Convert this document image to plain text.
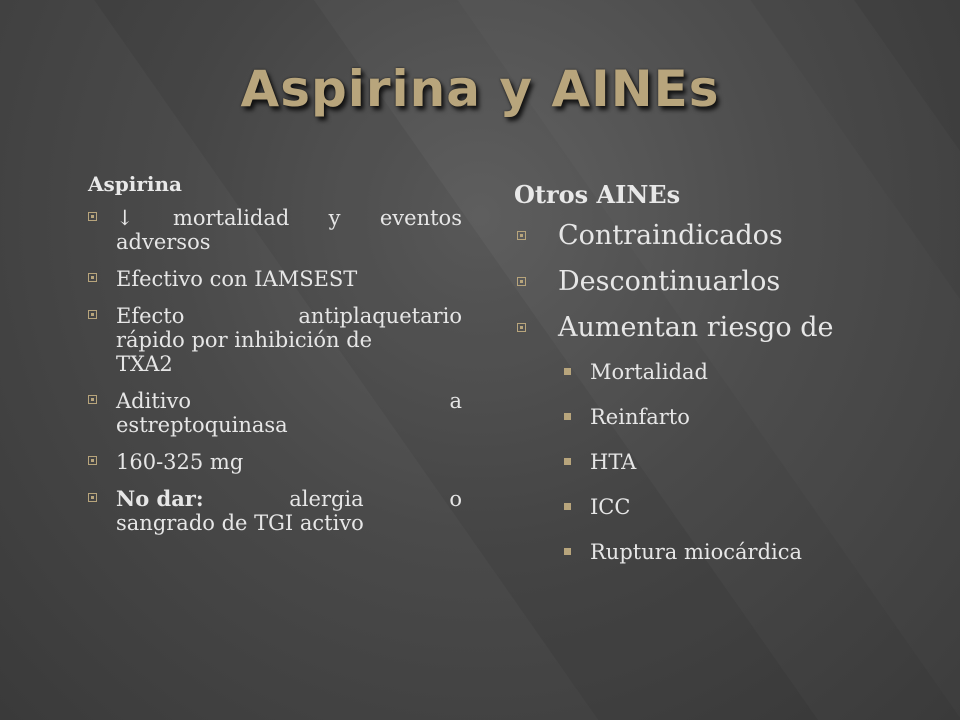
Aspirina y AINEs
Aspirina
↓ mortalidad y eventos
adversos
Efectivo con IAMSEST
Efecto	antiplaquetario
rápido por inhibición de
TXA2
Aditivo	a
estreptoquinasa
160-325 mg
No dar:	alergia	o
sangrado de TGI activo
Otros AINEs
Contraindicados
Descontinuarlos
Aumentan riesgo de
Mortalidad
Reinfarto
HTA
ICC
Ruptura miocárdica
